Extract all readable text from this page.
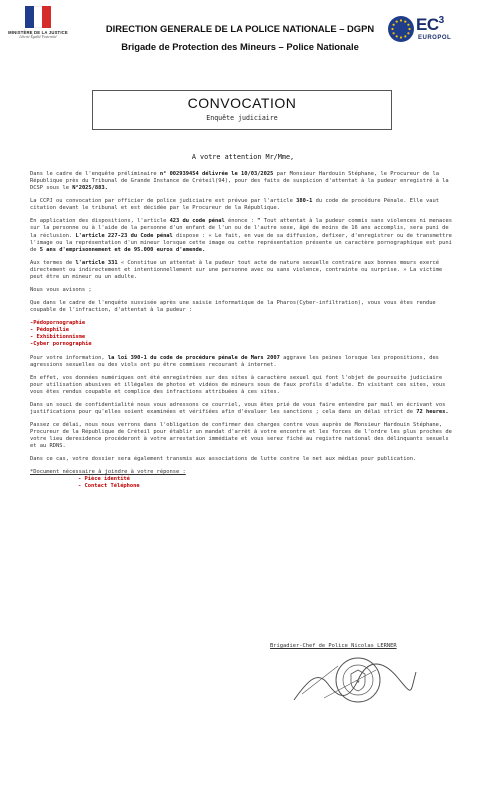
MINISTÈRE DE LA JUSTICE
Liberté Égalité Fraternité
DIRECTION GENERALE DE LA POLICE NATIONALE – DGPN
Brigade de Protection des Mineurs – Police Nationale
$EC^3$
EUROPOL
CONVOCATION
Enquête judiciaire
A votre attention Mr/Mme,

Dans le cadre de l'enquête préliminaire n° 002939454 délivrée le 10/03/2025 par Monsieur Hardouin Stéphane, le Procureur de la République près du Tribunal de Grande Instance de Créteil(94), pour des faits de suspicion d'attentat à la pudeur enregistré à la DCSP sous le N°2025/883.

La CCPJ ou convocation par officier de police judiciaire est prévue par l'article 380-1 du code de procédure Pénale. Elle vaut citation devant le tribunal et est décidée par le Procureur de la République.

En application des dispositions, l'article 423 du code pénal énonce : " Tout attentat à la pudeur commis sans violences ni menaces sur la personne ou à l'aide de la personne d'un enfant de l'un ou de l'autre sexe, âgé de moins de 16 ans accomplis, sera puni de la réclusion. L'article 227-23 du Code pénal dispose : « Le fait, en vue de sa diffusion, defixer, d'enregistrer ou de transmettre l'image ou la représentation d'un mineur lorsque cette image ou cette représentation présente un caractère pornographique est puni de 5 ans d'emprisonnement et de 95.000 euros d'amende.

Aux termes de l'article 331 « Constitue un attentat à la pudeur tout acte de nature sexuelle contraire aux bonnes mœurs exercé directement ou indirectement et intentionnellement sur une personne avec ou sans violence, contrainte ou surprise. » La victime peut être un mineur ou un adulte.

Nous vous avisons ;

Que dans le cadre de l'enquête susvisée après une saisie informatique de la Pharos(Cyber-infiltration), vous vous êtes rendue coupable de l'infraction, d'attentat à la pudeur :

-Pédopornographie
- Pédophilie
- Exhibitionnisme
-Cyber pornographie

Pour votre information, la loi 390-1 du code de procédure pénale de Mars 2007 aggrave les peines lorsque les propositions, des agressions sexuelles ou des viols ont pu être commises recourant à internet.

En effet, vos données numériques ont été enregistrées sur des sites à caractère sexuel qui font l'objet de poursuite judiciaire pour utilisation abusives et illégales de photos et vidéos de mineurs sous de faux profils d'adulte. En visitant ces sites, vous vous êtes rendus coupable et complice des infractions attribuées à ces sites.

Dans un souci de confidentialité nous vous adressons ce courriel, vous êtes prié de vous faire entendre par mail en écrivant vos justifications pour qu'elles soient examinées et vérifiées afin d'évaluer les sanctions ; cela dans un délai strict de 72 heures.

Passez ce délai, nous nous verrons dans l'obligation de confirmer des charges contre vous auprès de Monsieur Hardouin Stéphane, Procureur de la République de Créteil pour établir un mandat d'arrêt à votre encontre et les forces de l'ordre les plus proches de votre lieu deresidence procéderont à votre arrestation immédiate et vous serez fiché au registre national des délinquants sexuels et au RDNS.

Dans ce cas, votre dossier sera également transmis aux associations de lutte contre le net aux médias pour publication.

*Document nécessaire à joindre à votre réponse :
- Pièce identité
- Contact Téléphone
Brigadier-Chef de Police Nicolas LERNER
★
